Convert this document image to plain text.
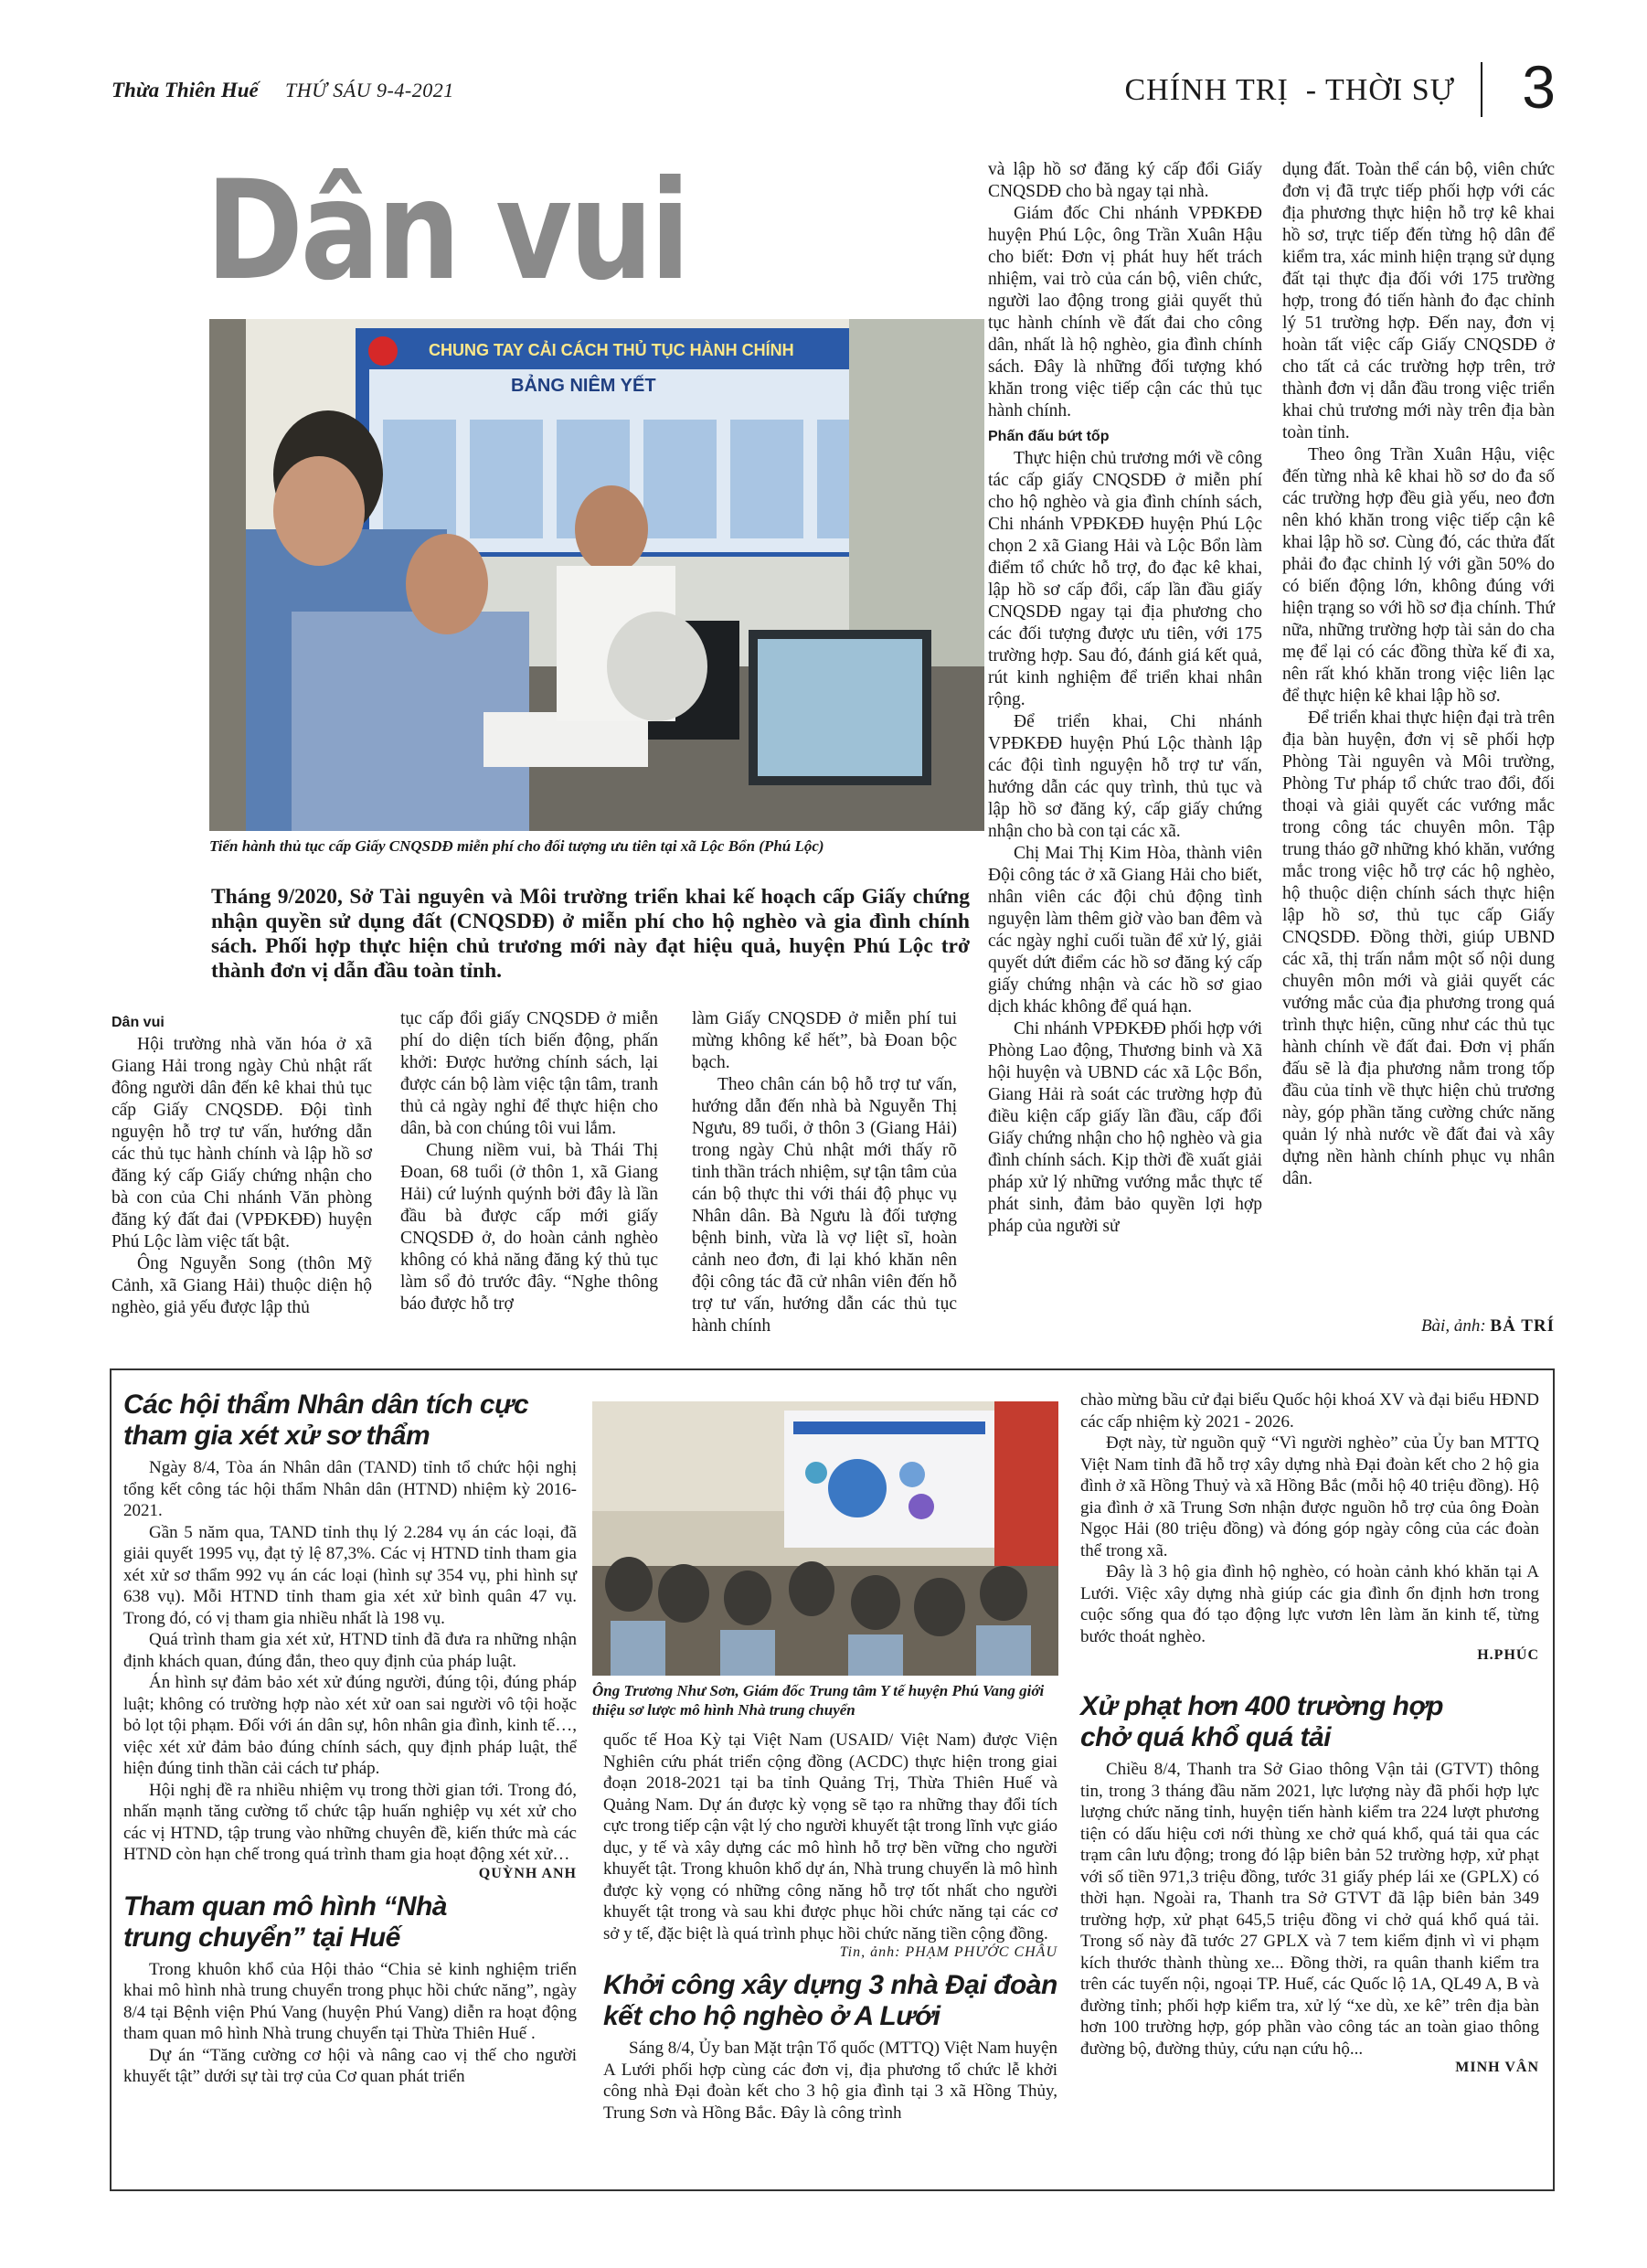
Thừa Thiên Huế THỨ SÁU 9-4-2021	CHÍNH TRỊ  - THỜI SỰ 3
Dân vui
CHUNG TAY CẢI CÁCH THỦ TỤC HÀNH CHÍNH
BẢNG NIÊM YẾT
Tiến hành thủ tục cấp Giấy CNQSDĐ miễn phí cho đối tượng ưu tiên tại xã Lộc Bổn (Phú Lộc)
Tháng 9/2020, Sở Tài nguyên và Môi trường triển khai kế hoạch cấp Giấy chứng nhận quyền sử dụng đất (CNQSDĐ) ở miễn phí cho hộ nghèo và gia đình chính sách. Phối hợp thực hiện chủ trương mới này đạt hiệu quả, huyện Phú Lộc trở thành đơn vị dẫn đầu toàn tỉnh.

Dân vui

Hội trường nhà văn hóa ở xã Giang Hải trong ngày Chủ nhật rất đông người dân đến kê khai thủ tục cấp Giấy CNQSDĐ. Đội tình nguyện hỗ trợ tư vấn, hướng dẫn các thủ tục hành chính và lập hồ sơ đăng ký cấp Giấy chứng nhận cho bà con của Chi nhánh Văn phòng đăng ký đất đai (VPĐKĐĐ) huyện Phú Lộc làm việc tất bật.

Ông Nguyễn Song (thôn Mỹ Cảnh, xã Giang Hải) thuộc diện hộ nghèo, giả yếu được lập thủ

tục cấp đổi giấy CNQSDĐ ở miễn phí do diện tích biến động, phấn khởi: Được hưởng chính sách, lại được cán bộ làm việc tận tâm, tranh thủ cả ngày nghỉ để thực hiện cho dân, bà con chúng tôi vui lắm.

Chung niềm vui, bà Thái Thị Đoan, 68 tuổi (ở thôn 1, xã Giang Hải) cứ luýnh quýnh bởi đây là lần đầu bà được cấp mới giấy CNQSDĐ ở, do hoàn cảnh nghèo không có khả năng đăng ký thủ tục làm sổ đỏ trước đây. “Nghe thông báo được hỗ trợ

làm Giấy CNQSDĐ ở miễn phí tui mừng không kể hết”, bà Đoan bộc bạch.

Theo chân cán bộ hỗ trợ tư vấn, hướng dẫn đến nhà bà Nguyễn Thị Ngưu, 89 tuổi, ở thôn 3 (Giang Hải) trong ngày Chủ nhật mới thấy rõ tinh thần trách nhiệm, sự tận tâm của cán bộ thực thi với thái độ phục vụ Nhân dân. Bà Ngưu là đối tượng bệnh binh, vừa là vợ liệt sĩ, hoàn cảnh neo đơn, đi lại khó khăn nên đội công tác đã cử nhân viên đến hỗ trợ tư vấn, hướng dẫn các thủ tục hành chính

và lập hồ sơ đăng ký cấp đổi Giấy CNQSDĐ cho bà ngay tại nhà.

Giám đốc Chi nhánh VPĐKĐĐ huyện Phú Lộc, ông Trần Xuân Hậu cho biết: Đơn vị phát huy hết trách nhiệm, vai trò của cán bộ, viên chức, người lao động trong giải quyết thủ tục hành chính về đất đai cho công dân, nhất là hộ nghèo, gia đình chính sách. Đây là những đối tượng khó khăn trong việc tiếp cận các thủ tục hành chính.

Phấn đấu bứt tốp

Thực hiện chủ trương mới về công tác cấp giấy CNQSDĐ ở miễn phí cho hộ nghèo và gia đình chính sách, Chi nhánh VPĐKĐĐ huyện Phú Lộc chọn 2 xã Giang Hải và Lộc Bổn làm điểm tổ chức hỗ trợ, đo đạc kê khai, lập hồ sơ cấp đổi, cấp lần đầu giấy CNQSDĐ ngay tại địa phương cho các đối tượng được ưu tiên, với 175 trường hợp. Sau đó, đánh giá kết quả, rút kinh nghiệm để triển khai nhân rộng.

Để triển khai, Chi nhánh VPĐKĐĐ huyện Phú Lộc thành lập các đội tình nguyện hỗ trợ tư vấn, hướng dẫn các quy trình, thủ tục và lập hồ sơ đăng ký, cấp giấy chứng nhận cho bà con tại các xã.

Chị Mai Thị Kim Hòa, thành viên Đội công tác ở xã Giang Hải cho biết, nhân viên các đội chủ động tình nguyện làm thêm giờ vào ban đêm và các ngày nghỉ cuối tuần để xử lý, giải quyết dứt điểm các hồ sơ đăng ký cấp giấy chứng nhận và các hồ sơ giao dịch khác không để quá hạn.

Chi nhánh VPĐKĐĐ phối hợp với Phòng Lao động, Thương binh và Xã hội huyện và UBND các xã Lộc Bổn, Giang Hải rà soát các trường hợp đủ điều kiện cấp giấy lần đầu, cấp đổi Giấy chứng nhận cho hộ nghèo và gia đình chính sách. Kịp thời đề xuất giải pháp xử lý những vướng mắc thực tế phát sinh, đảm bảo quyền lợi hợp pháp của người sử

dụng đất. Toàn thể cán bộ, viên chức đơn vị đã trực tiếp phối hợp với các địa phương thực hiện hỗ trợ kê khai hồ sơ, trực tiếp đến từng hộ dân để kiểm tra, xác minh hiện trạng sử dụng đất tại thực địa đối với 175 trường hợp, trong đó tiến hành đo đạc chỉnh lý 51 trường hợp. Đến nay, đơn vị hoàn tất việc cấp Giấy CNQSDĐ ở cho tất cả các trường hợp trên, trở thành đơn vị dẫn đầu trong việc triển khai chủ trương mới này trên địa bàn toàn tỉnh.

Theo ông Trần Xuân Hậu, việc đến từng nhà kê khai hồ sơ do đa số các trường hợp đều già yếu, neo đơn nên khó khăn trong việc tiếp cận kê khai lập hồ sơ. Cùng đó, các thửa đất phải đo đạc chỉnh lý với gần 50% do có biến động lớn, không đúng với hiện trạng so với hồ sơ địa chính. Thứ nữa, những trường hợp tài sản do cha mẹ để lại có các đồng thừa kế đi xa, nên rất khó khăn trong việc liên lạc để thực hiện kê khai lập hồ sơ.

Để triển khai thực hiện đại trà trên địa bàn huyện, đơn vị sẽ phối hợp Phòng Tài nguyên và Môi trường, Phòng Tư pháp tổ chức trao đổi, đối thoại và giải quyết các vướng mắc trong công tác chuyên môn. Tập trung tháo gỡ những khó khăn, vướng mắc trong việc hỗ trợ các hộ nghèo, hộ thuộc diện chính sách thực hiện lập hồ sơ, thủ tục cấp Giấy CNQSDĐ. Đồng thời, giúp UBND các xã, thị trấn nắm một số nội dung chuyên môn mới và giải quyết các vướng mắc của địa phương trong quá trình thực hiện, cũng như các thủ tục hành chính về đất đai. Đơn vị phấn đấu sẽ là địa phương nằm trong tốp đầu của tỉnh về thực hiện chủ trương này, góp phần tăng cường chức năng quản lý nhà nước về đất đai và xây dựng nền hành chính phục vụ nhân dân.

Bài, ảnh: BẢ TRÍ
Các hội thẩm Nhân dân tích cực tham gia xét xử sơ thẩm

Ngày 8/4, Tòa án Nhân dân (TAND) tỉnh tổ chức hội nghị tổng kết công tác hội thẩm Nhân dân (HTND) nhiệm kỳ 2016-2021.

Gần 5 năm qua, TAND tỉnh thụ lý 2.284 vụ án các loại, đã giải quyết 1995 vụ, đạt tỷ lệ 87,3%. Các vị HTND tỉnh tham gia xét xử sơ thẩm 992 vụ án các loại (hình sự 354 vụ, phi hình sự 638 vụ). Mỗi HTND tỉnh tham gia xét xử bình quân 47 vụ. Trong đó, có vị tham gia nhiều nhất là 198 vụ.

Quá trình tham gia xét xử, HTND tỉnh đã đưa ra những nhận định khách quan, đúng đắn, theo quy định của pháp luật.

Án hình sự đảm bảo xét xử đúng người, đúng tội, đúng pháp luật; không có trường hợp nào xét xử oan sai người vô tội hoặc bỏ lọt tội phạm. Đối với án dân sự, hôn nhân gia đình, kinh tế…, việc xét xử đảm bảo đúng chính sách, quy định pháp luật, thể hiện đúng tinh thần cải cách tư pháp.

Hội nghị đề ra nhiều nhiệm vụ trong thời gian tới. Trong đó, nhấn mạnh tăng cường tổ chức tập huấn nghiệp vụ xét xử cho các vị HTND, tập trung vào những chuyên đề, kiến thức mà các HTND còn hạn chế trong quá trình tham gia hoạt động xét xử…

QUỲNH ANH
Tham quan mô hình “Nhà trung chuyển” tại Huế

Trong khuôn khổ của Hội thảo “Chia sẻ kinh nghiệm triển khai mô hình nhà trung chuyển trong phục hồi chức năng”, ngày 8/4 tại Bệnh viện Phú Vang (huyện Phú Vang) diễn ra hoạt động tham quan mô hình Nhà trung chuyển tại Thừa Thiên Huế .

Dự án “Tăng cường cơ hội và nâng cao vị thế cho người khuyết tật” dưới sự tài trợ của Cơ quan phát triển

Ông Trương Như Sơn, Giám đốc Trung tâm Y tế huyện Phú Vang giới thiệu sơ lược mô hình Nhà trung chuyển

quốc tế Hoa Kỳ tại Việt Nam (USAID/ Việt Nam) được Viện Nghiên cứu phát triển cộng đồng (ACDC) thực hiện trong giai đoạn 2018-2021 tại ba tỉnh Quảng Trị, Thừa Thiên Huế và Quảng Nam. Dự án được kỳ vọng sẽ tạo ra những thay đổi tích cực trong tiếp cận vật lý cho người khuyết tật trong lĩnh vực giáo dục, y tế và xây dựng các mô hình hỗ trợ bền vững cho người khuyết tật. Trong khuôn khổ dự án, Nhà trung chuyển là mô hình được kỳ vọng có những công năng hỗ trợ tốt nhất cho người khuyết tật trong và sau khi được phục hồi chức năng tại các cơ sở y tế, đặc biệt là quá trình phục hồi chức năng tiền cộng đồng.

Tin, ảnh: PHẠM PHƯỚC CHÂU
Khởi công xây dựng 3 nhà Đại đoàn kết cho hộ nghèo ở A Lưới

Sáng 8/4, Ủy ban Mặt trận Tổ quốc (MTTQ) Việt Nam huyện A Lưới phối hợp cùng các đơn vị, địa phương tổ chức lễ khởi công nhà Đại đoàn kết cho 3 hộ gia đình tại 3 xã Hồng Thủy, Trung Sơn và Hồng Bắc. Đây là công trình

chào mừng bầu cử đại biểu Quốc hội khoá XV và đại biểu HĐND các cấp nhiệm kỳ 2021 - 2026.

Đợt này, từ nguồn quỹ “Vì người nghèo” của Ủy ban MTTQ Việt Nam tỉnh đã hỗ trợ xây dựng nhà Đại đoàn kết cho 2 hộ gia đình ở xã Hồng Thuỷ và xã Hồng Bắc (mỗi hộ 40 triệu đồng). Hộ gia đình ở xã Trung Sơn nhận được nguồn hỗ trợ của ông Đoàn Ngọc Hải (80 triệu đồng) và đóng góp ngày công của các đoàn thể trong xã.

Đây là 3 hộ gia đình hộ nghèo, có hoàn cảnh khó khăn tại A Lưới. Việc xây dựng nhà giúp các gia đình ổn định hơn trong cuộc sống qua đó tạo động lực vươn lên làm ăn kinh tế, từng bước thoát nghèo.

H.PHÚC
Xử phạt hơn 400 trường hợp chở quá khổ quá tải

Chiều 8/4, Thanh tra Sở Giao thông Vận tải (GTVT) thông tin, trong 3 tháng đầu năm 2021, lực lượng này đã phối hợp lực lượng chức năng tỉnh, huyện tiến hành kiểm tra 224 lượt phương tiện có dấu hiệu cơi nới thùng xe chở quá khổ, quá tải qua các trạm cân lưu động; trong đó lập biên bản 52 trường hợp, xử phạt với số tiền 971,3 triệu đồng, tước 31 giấy phép lái xe (GPLX) có thời hạn. Ngoài ra, Thanh tra Sở GTVT đã lập biên bản 349 trường hợp, xử phạt 645,5 triệu đồng vi chở quá khổ quá tải. Trong số này đã tước 27 GPLX và 7 tem kiểm định vì vi phạm kích thước thành thùng xe... Đồng thời, ra quân thanh kiểm tra trên các tuyến nội, ngoại TP. Huế, các Quốc lộ 1A, QL49 A, B và đường tỉnh; phối hợp kiểm tra, xử lý “xe dù, xe kê” trên địa bàn hơn 100 trường hợp, góp phần vào công tác an toàn giao thông đường bộ, đường thủy, cứu nạn cứu hộ...

MINH VÂN
